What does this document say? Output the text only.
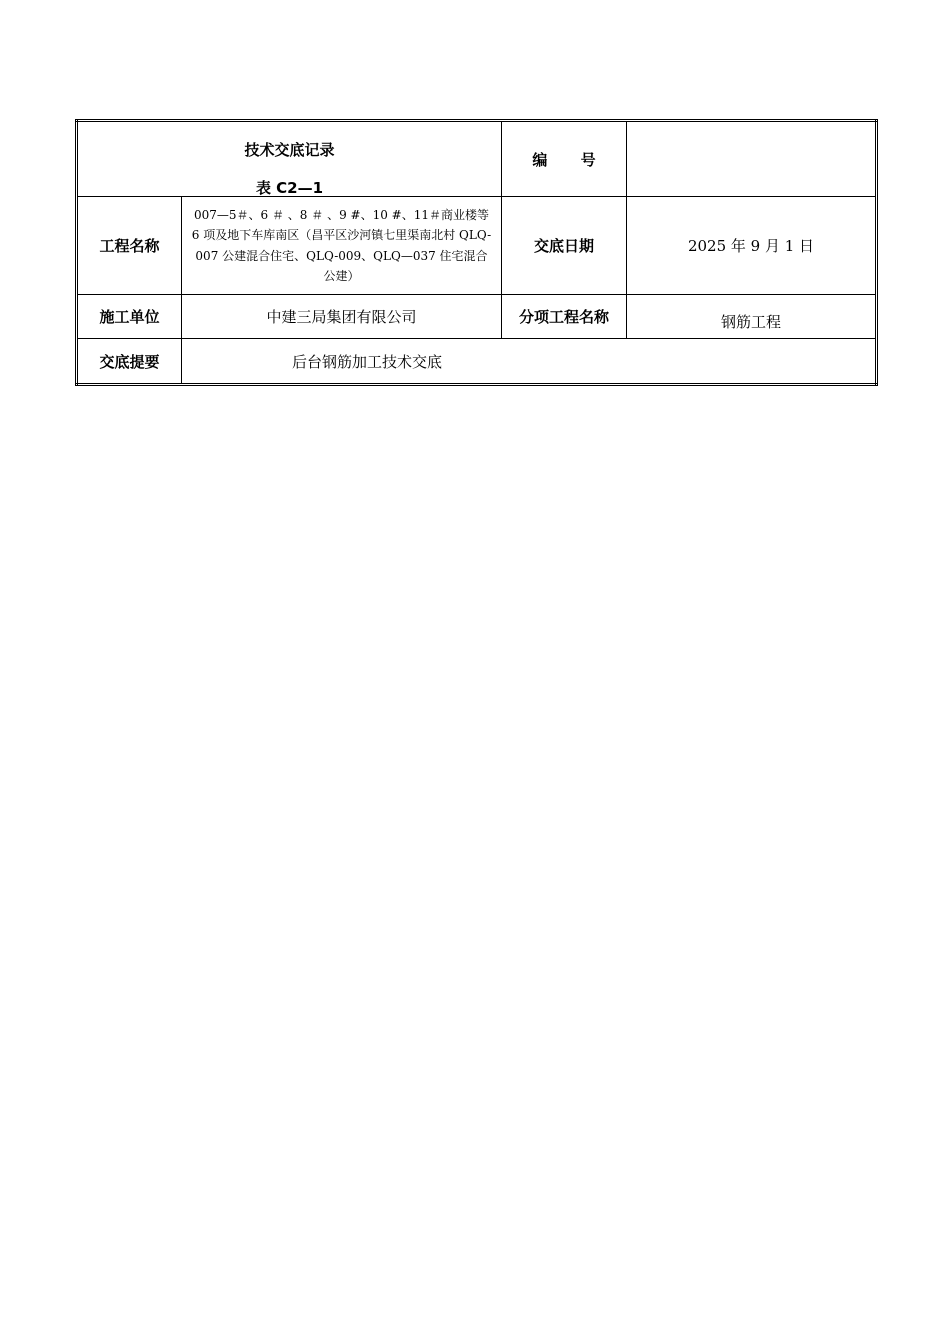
技术交底记录
表 C2—1		编 号	
工程名称	007—5＃、6 ＃ 、8 ＃ 、9 #、10 #、11＃商业楼等 6 项及地下车库南区（昌平区沙河镇七里渠南北村 QLQ-007 公建混合住宅、QLQ-009、QLQ—037 住宅混合公建）	交底日期	2025 年 9 月 1 日
施工单位	中建三局集团有限公司	分项工程名称	钢筋工程
交底提要	后台钢筋加工技术交底		
